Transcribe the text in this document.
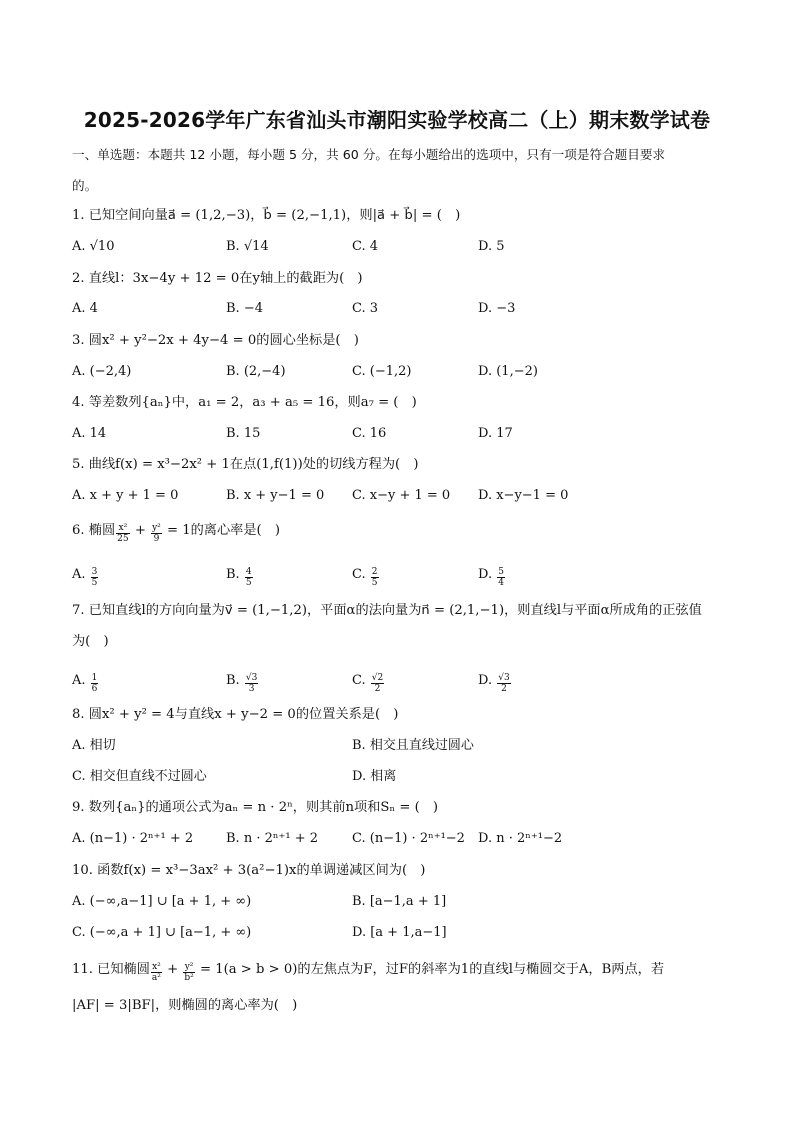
2025-2026学年广东省汕头市潮阳实验学校高二（上）期末数学试卷
一、单选题：本题共 12 小题，每小题 5 分，共 60 分。在每小题给出的选项中，只有一项是符合题目要求
的。
1. 已知空间向量a⃗ = (1,2,−3)，b⃗ = (2,−1,1)，则|a⃗ + b⃗| = (　)
A. √10	B. √14	C. 4	D. 5
2. 直线l：3x−4y + 12 = 0在y轴上的截距为(　)
A. 4	B. −4	C. 3	D. −3
3. 圆x² + y²−2x + 4y−4 = 0的圆心坐标是(　)
A. (−2,4)	B. (2,−4)	C. (−1,2)	D. (1,−2)
4. 等差数列{aₙ}中，a₁ = 2，a₃ + a₅ = 16，则a₇ = (　)
A. 14	B. 15	C. 16	D. 17
5. 曲线f(x) = x³−2x² + 1在点(1,f(1))处的切线方程为(　)
A. x + y + 1 = 0	B. x + y−1 = 0 C. x−y + 1 = 0 D. x−y−1 = 0
6. 椭圆 $\frac{\text{x²}}{25} + \frac{\text{y²}}{9} = 1$的离心率是(　)
A. $\frac{3}{5}$	B. $\frac{4}{5}$	C. $\frac{2}{5}$	D. $\frac{5}{4}$
7. 已知直线l的方向向量为v⃗ = (1,−1,2)，平面α的法向量为n⃗ = (2,1,−1)，则直线l与平面α所成角的正弦值
为(　)
A. $\frac{1}{6}$	B. $\frac{√3}{3}$	C. $\frac{√2}{2}$	D. $\frac{√3}{2}$
8. 圆x² + y² = 4与直线x + y−2 = 0的位置关系是(　)
A. 相切	B. 相交且直线过圆心
C. 相交但直线不过圆心	D. 相离
9. 数列{aₙ}的通项公式为aₙ = n · 2ⁿ，则其前n项和Sₙ = (　)
A. (n−1) · 2ⁿ⁺¹ + 2	B. n · 2ⁿ⁺¹ + 2	C. (n−1) · 2ⁿ⁺¹−2 D. n · 2ⁿ⁺¹−2
10. 函数f(x) = x³−3ax² + 3(a²−1)x的单调递减区间为(　)
A. (−∞,a−1] ∪ [a + 1, + ∞)	B. [a−1,a + 1]
C. (−∞,a + 1] ∪ [a−1, + ∞)	D. [a + 1,a−1]
11. 已知椭圆 $\frac{\text{x²}}{\text{a²}} + \frac{\text{y²}}{\text{b²}} = 1(a > b > 0)$的左焦点为F，过F的斜率为1的直线l与椭圆交于A，B两点，若
|AF| = 3|BF|，则椭圆的离心率为(　)
